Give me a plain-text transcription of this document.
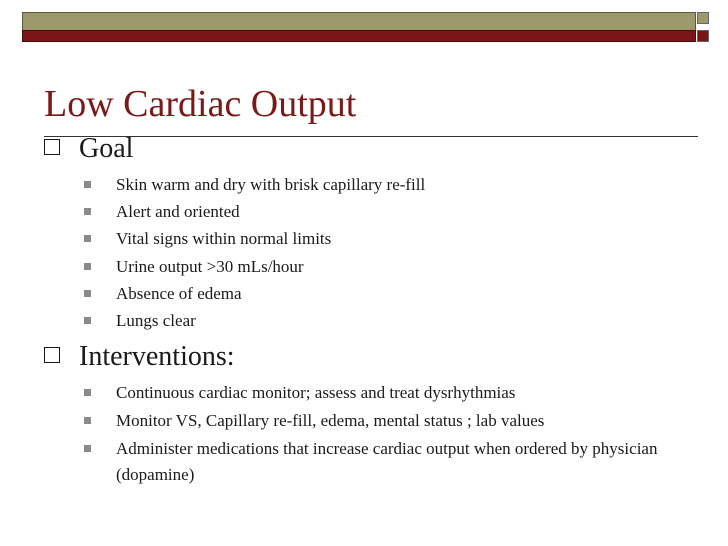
Low Cardiac Output
Goal
Skin warm and dry with brisk capillary re-fill
Alert and oriented
Vital signs within normal limits
Urine output >30 mLs/hour
Absence of edema
Lungs clear
Interventions:
Continuous cardiac monitor; assess and treat dysrhythmias
Monitor VS, Capillary re-fill, edema, mental status ; lab values
Administer medications that increase cardiac output when ordered by physician (dopamine)
